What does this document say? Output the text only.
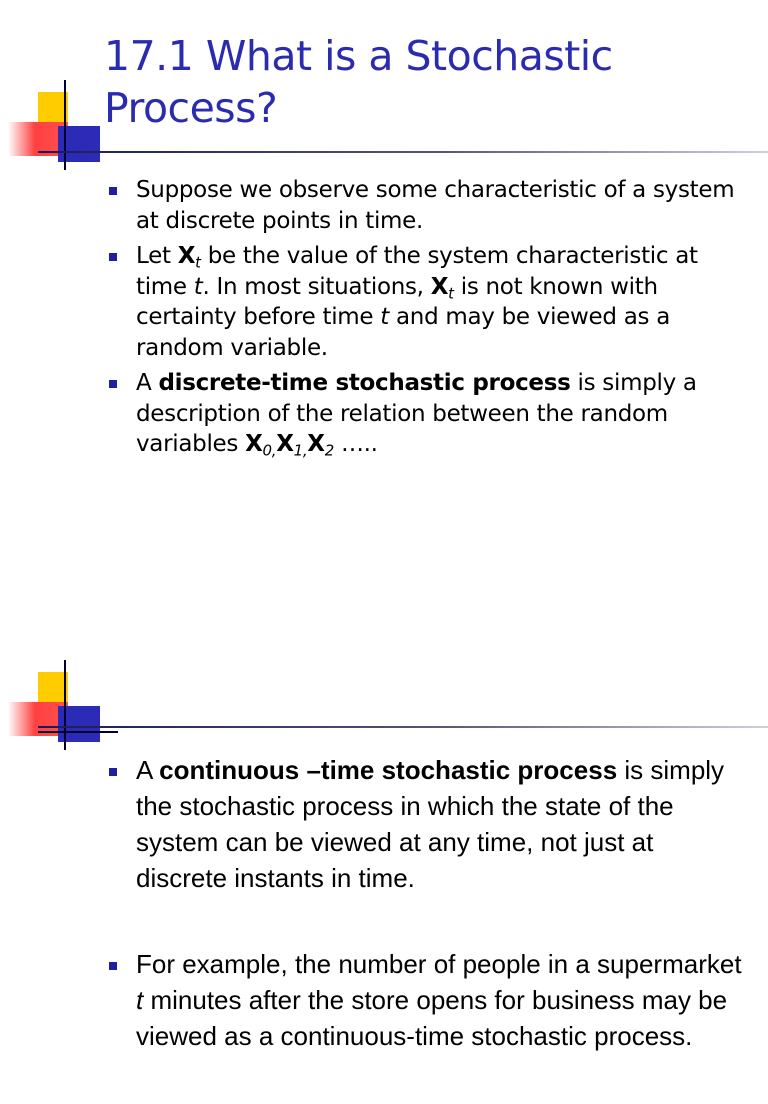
17.1 What is a Stochastic
Process?
Suppose we observe some characteristic of a system at discrete points in time.
Let $X_t$ be the value of the system characteristic at time t. In most situations, $X_t$ is not known with certainty before time t and may be viewed as a random variable.
A discrete-time stochastic process is simply a description of the relation between the random variables $X_{0,}X_{1,}X_2$ …..
A continuous –time stochastic process is simply the stochastic process in which the state of the system can be viewed at any time, not just at discrete instants in time.
For example, the number of people in a supermarket t minutes after the store opens for business may be viewed as a continuous-time stochastic process.
